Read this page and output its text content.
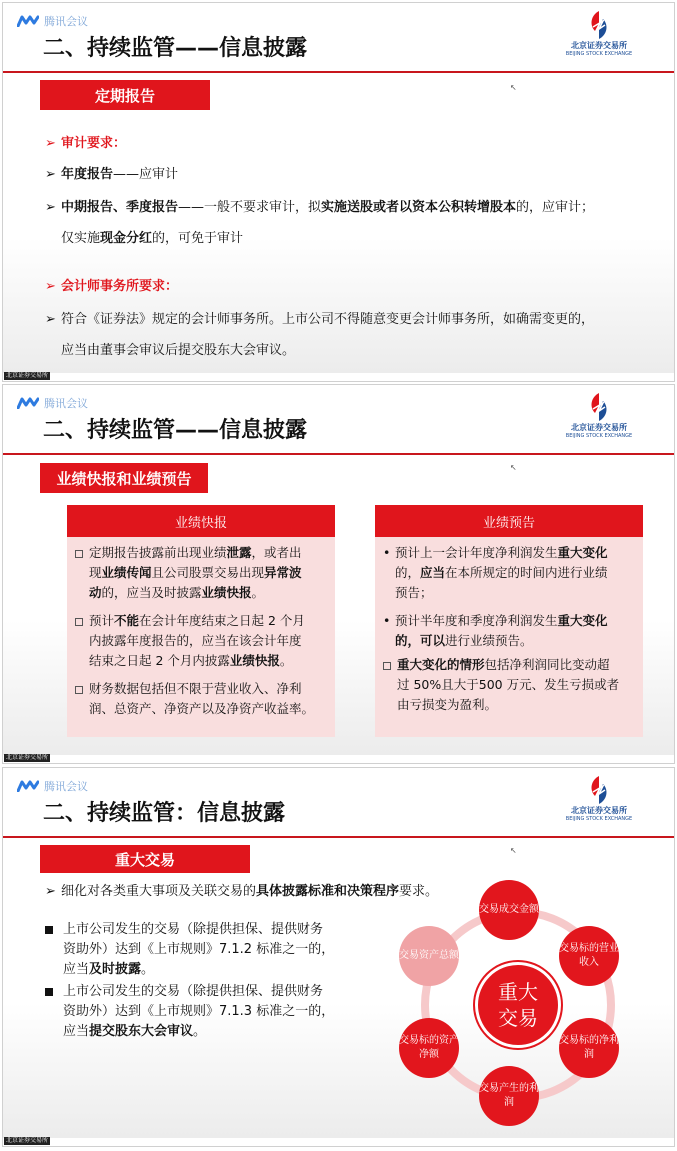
腾讯会议
二、持续监管——信息披露	北京证券交易所
BEIJING STOCK EXCHANGE
↖
定期报告
➢ 审计要求：
➢ 年度报告——应审计
➢ 中期报告、季度报告——一般不要求审计，拟实施送股或者以资本公积转增股本的，应审计；
仅实施现金分红的，可免于审计
➢ 会计师事务所要求：
➢ 符合《证券法》规定的会计师事务所。上市公司不得随意变更会计师事务所，如确需变更的，
应当由董事会审议后提交股东大会审议。
北京证券交易所
腾讯会议
二、持续监管——信息披露	北京证券交易所
BEIJING STOCK EXCHANGE
↖
业绩快报和业绩预告
业绩快报
定期报告披露前出现业绩泄露，或者出
现业绩传闻且公司股票交易出现异常波
动的，应当及时披露业绩快报。
预计不能在会计年度结束之日起 2 个月
内披露年度报告的，应当在该会计年度
结束之日起 2 个月内披露业绩快报。
财务数据包括但不限于营业收入、净利
润、总资产、净资产以及净资产收益率。
业绩预告
• 预计上一会计年度净利润发生重大变化
的，应当在本所规定的时间内进行业绩
预告；
• 预计半年度和季度净利润发生重大变化
的，可以进行业绩预告。
重大变化的情形包括净利润同比变动超
过 50%且大于500 万元、发生亏损或者
由亏损变为盈利。
北京证券交易所
腾讯会议
二、持续监管：信息披露	北京证券交易所
BEIJING STOCK EXCHANGE
↖
重大交易
➢ 细化对各类重大事项及关联交易的具体披露标准和决策程序要求。
上市公司发生的交易（除提供担保、提供财务
资助外）达到《上市规则》7.1.2 标准之一的，
应当及时披露。
上市公司发生的交易（除提供担保、提供财务
资助外）达到《上市规则》7.1.3 标准之一的，
应当提交股东大会审议。
重大
交易
交易成交金额
交易标的营业收入
交易标的净利润
交易产生的利润
交易标的资产净额
交易资产总额
北京证券交易所
